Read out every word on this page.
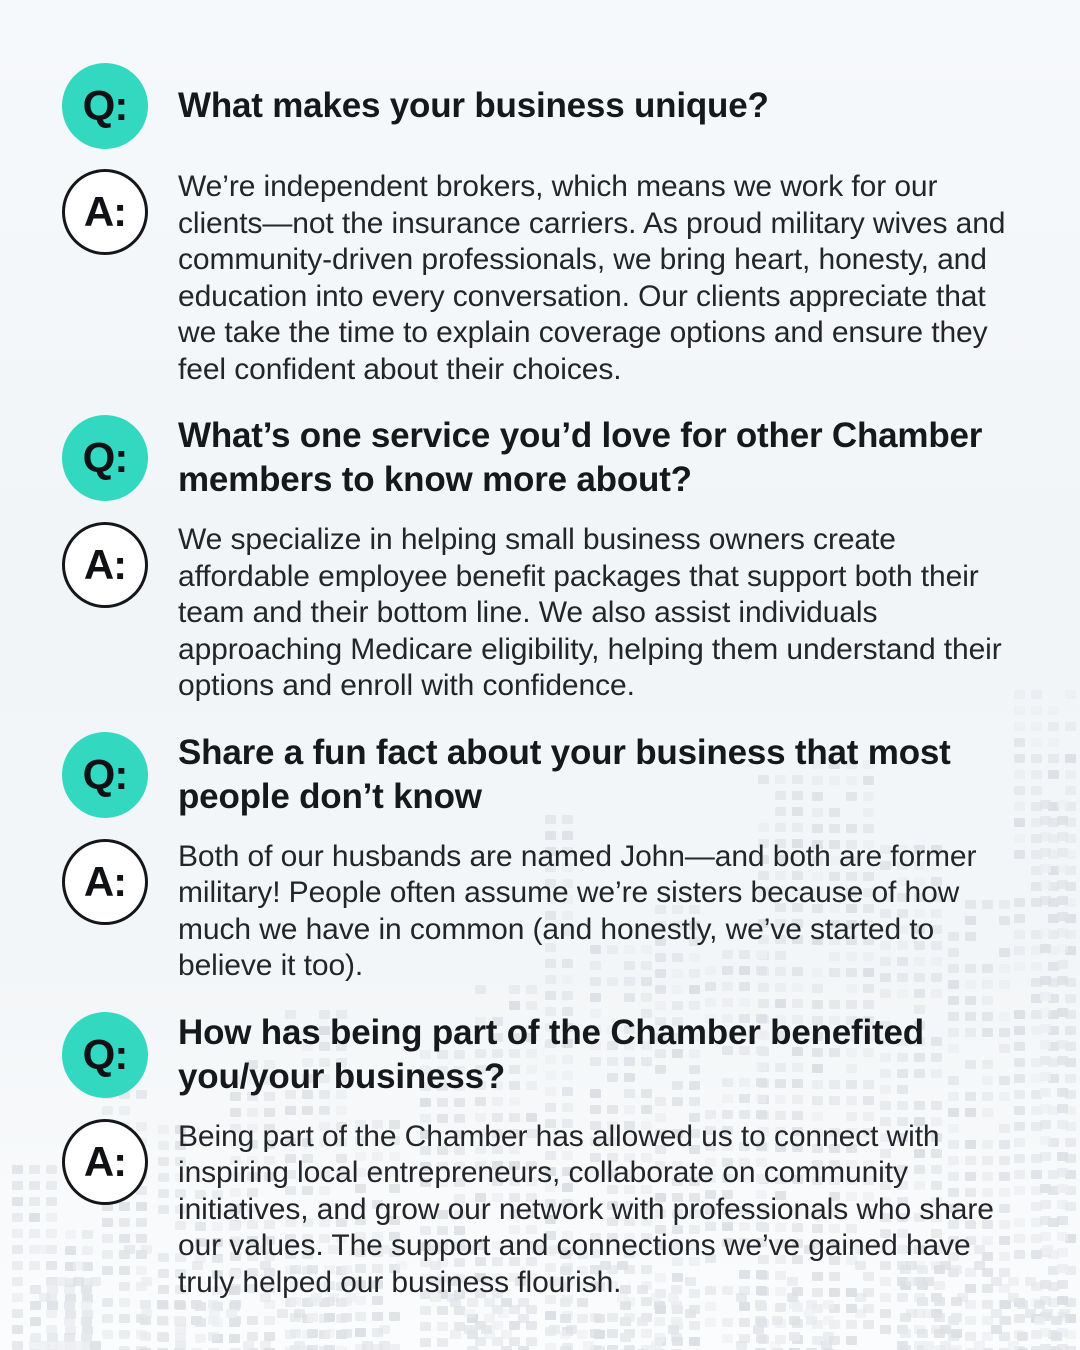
Q: What makes your business unique?
A:

We’re independent brokers, which means we work for our clients—not the insurance carriers. As proud military wives and community-driven professionals, we bring heart, honesty, and education into every conversation. Our clients appreciate that we take the time to explain coverage options and ensure they feel confident about their choices.

Q: What’s one service you’d love for other Chamber members to know more about?
A:

We specialize in helping small business owners create affordable employee benefit packages that support both their team and their bottom line. We also assist individuals approaching Medicare eligibility, helping them understand their options and enroll with confidence.

Q: Share a fun fact about your business that most people don’t know
A:

Both of our husbands are named John—and both are former military! People often assume we’re sisters because of how much we have in common (and honestly, we’ve started to believe it too).

Q: How has being part of the Chamber benefited you/your business?
A:

Being part of the Chamber has allowed us to connect with inspiring local entrepreneurs, collaborate on community initiatives, and grow our network with professionals who share our values. The support and connections we’ve gained have truly helped our business flourish.
